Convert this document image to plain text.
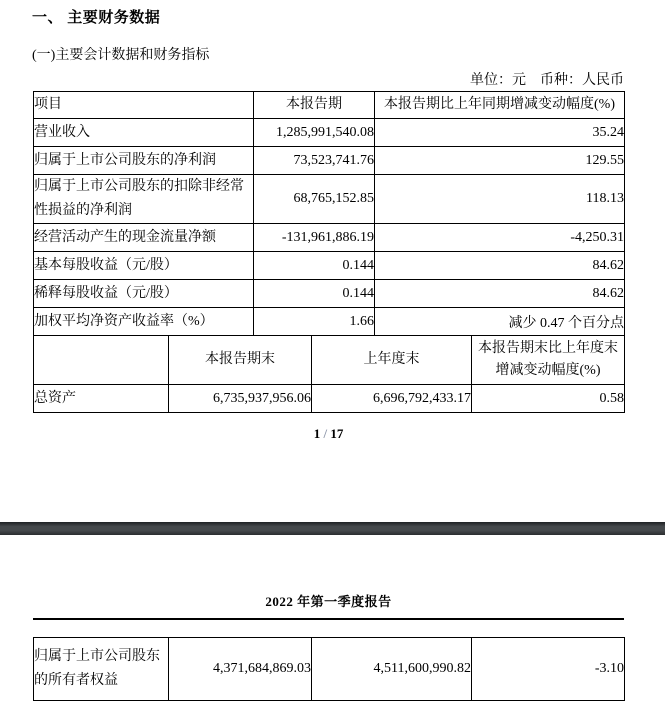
一、 主要财务数据
(一)主要会计数据和财务指标
单位：元　币种：人民币
项目	本报告期	本报告期比上年同期增减变动幅度(%)
营业收入	1,285,991,540.08	35.24
归属于上市公司股东的净利润	73,523,741.76	129.55
归属于上市公司股东的扣除非经常性损益的净利润	68,765,152.85	118.13
经营活动产生的现金流量净额	-131,961,886.19	-4,250.31
基本每股收益（元/股）	0.144	84.62
稀释每股收益（元/股）	0.144	84.62
加权平均净资产收益率（%）	1.66	减少 0.47 个百分点
	本报告期末	上年度末	本报告期末比上年度末增减变动幅度(%)
总资产	6,735,937,956.06	6,696,792,433.17	0.58
1 / 17
2022 年第一季度报告
归属于上市公司股东的所有者权益	4,371,684,869.03	4,511,600,990.82	-3.10
